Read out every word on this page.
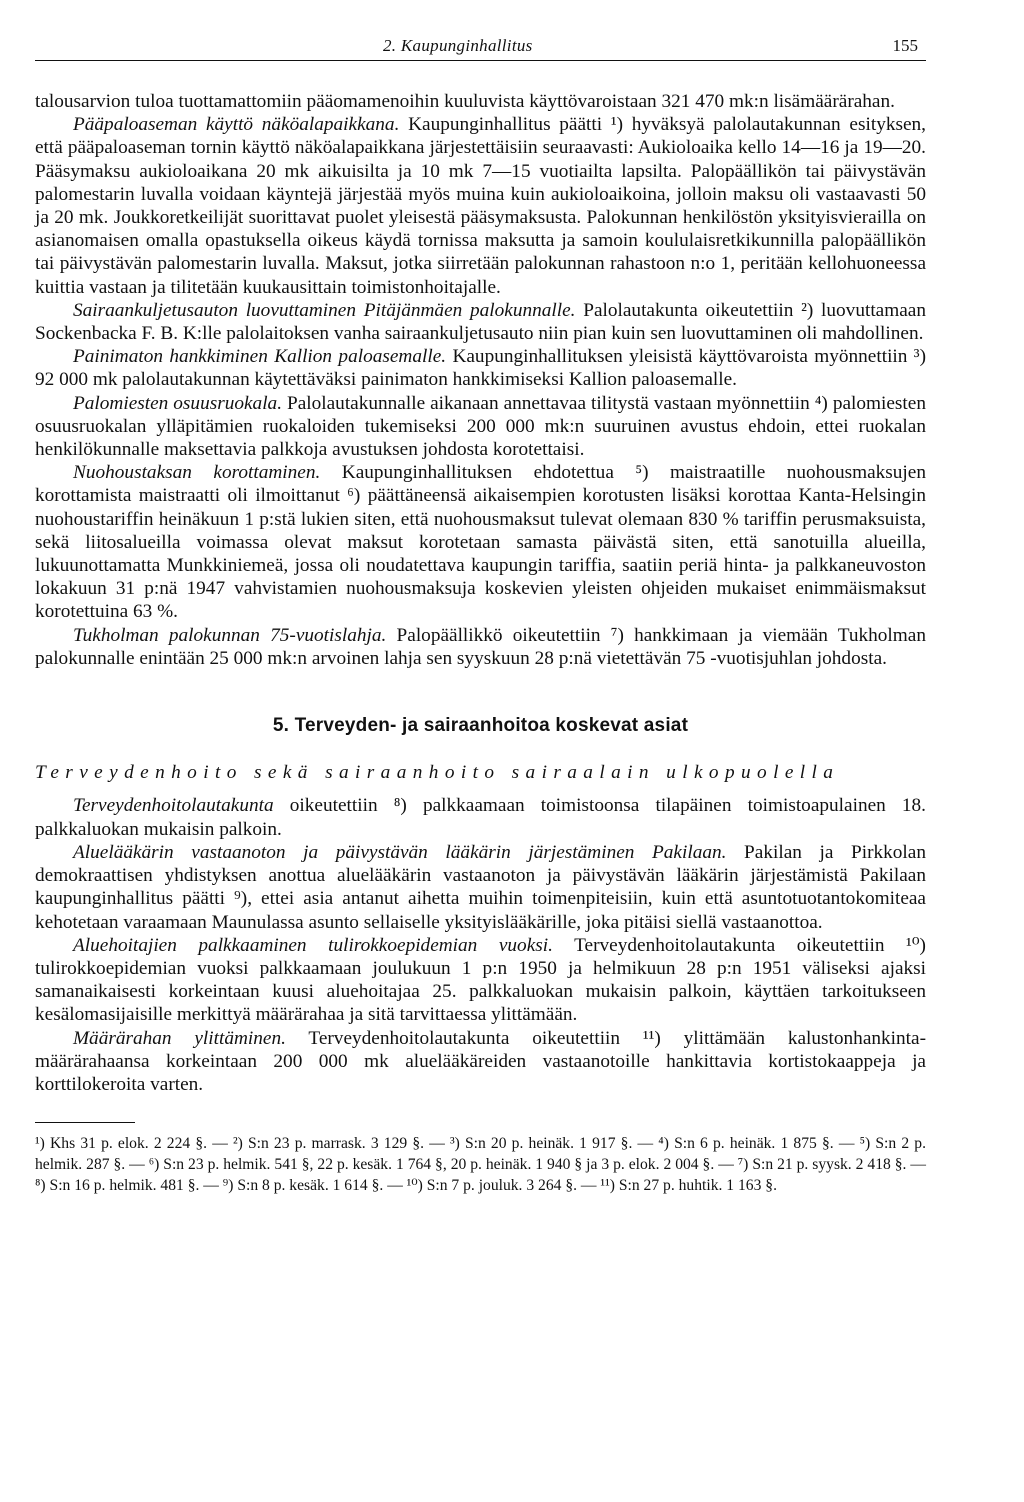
2. Kaupunginhallitus	155

talousarvion tuloa tuottamattomiin pääomamenoihin kuuluvista käyttövaroistaan 321 470 mk:n lisämäärärahan.

Pääpaloaseman käyttö näköalapaikkana. Kaupunginhallitus päätti ¹) hyväksyä palolautakunnan esityksen, että pääpaloaseman tornin käyttö näköalapaikkana järjestettäisiin seuraavasti: Aukioloaika kello 14—16 ja 19—20. Pääsymaksu aukioloaikana 20 mk aikuisilta ja 10 mk 7—15 vuotiailta lapsilta. Palopäällikön tai päivystävän palomestarin luvalla voidaan käyntejä järjestää myös muina kuin aukioloaikoina, jolloin maksu oli vastaavasti 50 ja 20 mk. Joukkoretkeilijät suorittavat puolet yleisestä pääsymaksusta. Palokunnan henkilöstön yksityisvierailla on asianomaisen omalla opastuksella oikeus käydä tornissa maksutta ja samoin koululaisretkikunnilla palopäällikön tai päivystävän palomestarin luvalla. Maksut, jotka siirretään palokunnan rahastoon n:o 1, peritään kellohuoneessa kuittia vastaan ja tilitetään kuukausittain toimistonhoitajalle.

Sairaankuljetusauton luovuttaminen Pitäjänmäen palokunnalle. Palolautakunta oikeutettiin ²) luovuttamaan Sockenbacka F. B. K:lle palolaitoksen vanha sairaankuljetusauto niin pian kuin sen luovuttaminen oli mahdollinen.

Painimaton hankkiminen Kallion paloasemalle. Kaupunginhallituksen yleisistä käyttövaroista myönnettiin ³) 92 000 mk palolautakunnan käytettäväksi painimaton hankkimiseksi Kallion paloasemalle.

Palomiesten osuusruokala. Palolautakunnalle aikanaan annettavaa tilitystä vastaan myönnettiin ⁴) palomiesten osuusruokalan ylläpitämien ruokaloiden tukemiseksi 200 000 mk:n suuruinen avustus ehdoin, ettei ruokalan henkilökunnalle maksettavia palkkoja avustuksen johdosta korotettaisi.

Nuohoustaksan korottaminen. Kaupunginhallituksen ehdotettua ⁵) maistraatille nuohousmaksujen korottamista maistraatti oli ilmoittanut ⁶) päättäneensä aikaisempien korotusten lisäksi korottaa Kanta-Helsingin nuohoustariffin heinäkuun 1 p:stä lukien siten, että nuohousmaksut tulevat olemaan 830 % tariffin perusmaksuista, sekä liitosalueilla voimassa olevat maksut korotetaan samasta päivästä siten, että sanotuilla alueilla, lukuunottamatta Munkkiniemeä, jossa oli noudatettava kaupungin tariffia, saatiin periä hinta- ja palkkaneuvoston lokakuun 31 p:nä 1947 vahvistamien nuohousmaksuja koskevien yleisten ohjeiden mukaiset enimmäismaksut korotettuina 63 %.

Tukholman palokunnan 75-vuotislahja. Palopäällikkö oikeutettiin ⁷) hankkimaan ja viemään Tukholman palokunnalle enintään 25 000 mk:n arvoinen lahja sen syyskuun 28 p:nä vietettävän 75 -vuotisjuhlan johdosta.

5. Terveyden- ja sairaanhoitoa koskevat asiat
Terveydenhoito sekä sairaanhoito sairaalain ulkopuolella

Terveydenhoitolautakunta oikeutettiin ⁸) palkkaamaan toimistoonsa tilapäinen toimistoapulainen 18. palkkaluokan mukaisin palkoin.

Aluelääkärin vastaanoton ja päivystävän lääkärin järjestäminen Pakilaan. Pakilan ja Pirkkolan demokraattisen yhdistyksen anottua aluelääkärin vastaanoton ja päivystävän lääkärin järjestämistä Pakilaan kaupunginhallitus päätti ⁹), ettei asia antanut aihetta muihin toimenpiteisiin, kuin että asuntotuotantokomiteaa kehotetaan varaamaan Maunulassa asunto sellaiselle yksityislääkärille, joka pitäisi siellä vastaanottoa.

Aluehoitajien palkkaaminen tulirokkoepidemian vuoksi. Terveydenhoitolautakunta oikeutettiin ¹⁰) tulirokkoepidemian vuoksi palkkaamaan joulukuun 1 p:n 1950 ja helmikuun 28 p:n 1951 väliseksi ajaksi samanaikaisesti korkeintaan kuusi aluehoitajaa 25. palkkaluokan mukaisin palkoin, käyttäen tarkoitukseen kesälomasijaisille merkittyä määrärahaa ja sitä tarvittaessa ylittämään.

Määrärahan ylittäminen. Terveydenhoitolautakunta oikeutettiin ¹¹) ylittämään kalustonhankinta-määrärahaansa korkeintaan 200 000 mk aluelääkäreiden vastaanotoille hankittavia kortistokaappeja ja korttilokeroita varten.

¹) Khs 31 p. elok. 2 224 §. — ²) S:n 23 p. marrask. 3 129 §. — ³) S:n 20 p. heinäk. 1 917 §. — ⁴) S:n 6 p. heinäk. 1 875 §. — ⁵) S:n 2 p. helmik. 287 §. — ⁶) S:n 23 p. helmik. 541 §, 22 p. kesäk. 1 764 §, 20 p. heinäk. 1 940 § ja 3 p. elok. 2 004 §. — ⁷) S:n 21 p. syysk. 2 418 §. — ⁸) S:n 16 p. helmik. 481 §. — ⁹) S:n 8 p. kesäk. 1 614 §. — ¹⁰) S:n 7 p. jouluk. 3 264 §. — ¹¹) S:n 27 p. huhtik. 1 163 §.
